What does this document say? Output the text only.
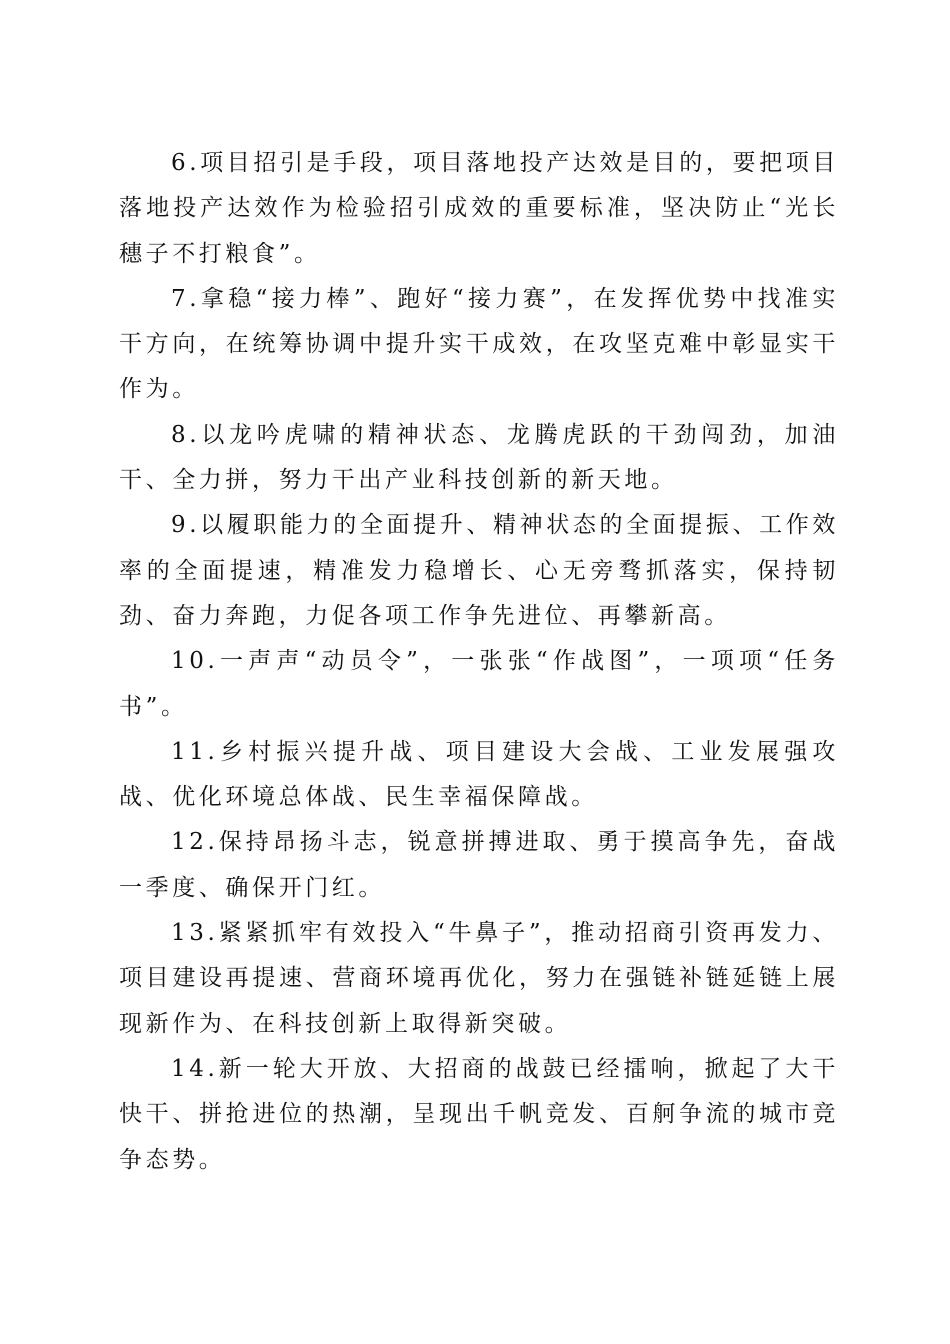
6.项目招引是手段，项目落地投产达效是目的，要把项目落地投产达效作为检验招引成效的重要标准，坚决防止“光长穗子不打粮食”。

7.拿稳“接力棒”、跑好“接力赛”，在发挥优势中找准实干方向，在统筹协调中提升实干成效，在攻坚克难中彰显实干作为。

8.以龙吟虎啸的精神状态、龙腾虎跃的干劲闯劲，加油干、全力拼，努力干出产业科技创新的新天地。

9.以履职能力的全面提升、精神状态的全面提振、工作效率的全面提速，精准发力稳增长、心无旁骛抓落实，保持韧劲、奋力奔跑，力促各项工作争先进位、再攀新高。

10.一声声“动员令”，一张张“作战图”，一项项“任务书”。

11.乡村振兴提升战、项目建设大会战、工业发展强攻战、优化环境总体战、民生幸福保障战。

12.保持昂扬斗志，锐意拼搏进取、勇于摸高争先，奋战一季度、确保开门红。

13.紧紧抓牢有效投入“牛鼻子”，推动招商引资再发力、项目建设再提速、营商环境再优化，努力在强链补链延链上展现新作为、在科技创新上取得新突破。

14.新一轮大开放、大招商的战鼓已经擂响，掀起了大干快干、拼抢进位的热潮，呈现出千帆竞发、百舸争流的城市竞争态势。
